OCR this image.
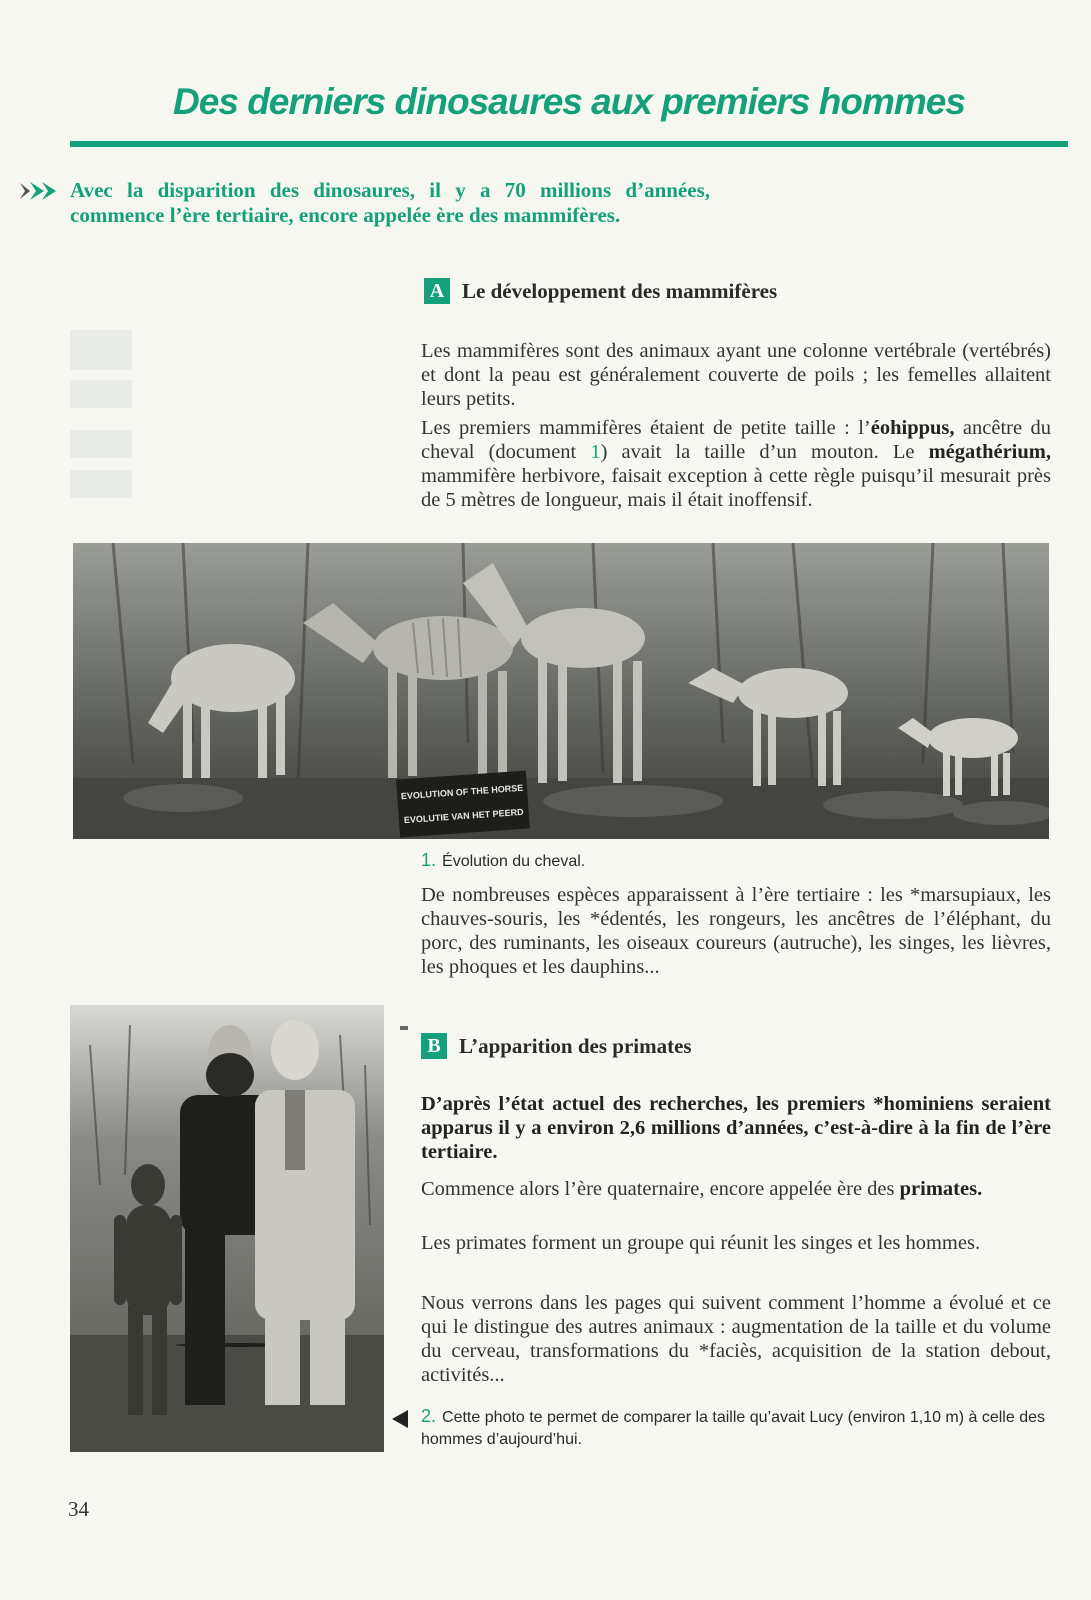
Des derniers dinosaures aux premiers hommes
Avec la disparition des dinosaures, il y a 70 millions d’années, commence l’ère tertiaire, encore appelée ère des mammifères.
A Le développement des mammifères
Les mammifères sont des animaux ayant une colonne vertébrale (vertébrés) et dont la peau est généralement couverte de poils ; les femelles allaitent leurs petits.
Les premiers mammifères étaient de petite taille : l’éohippus, ancêtre du cheval (document 1) avait la taille d’un mouton. Le mégathérium, mammifère herbivore, faisait exception à cette règle puisqu’il mesurait près de 5 mètres de longueur, mais il était inoffensif.
EVOLUTION OF THE HORSE
EVOLUTIE VAN HET PEERD
1. Évolution du cheval.
De nombreuses espèces apparaissent à l’ère tertiaire : les *marsupiaux, les chauves-souris, les *édentés, les rongeurs, les ancêtres de l’éléphant, du porc, des ruminants, les oiseaux coureurs (autruche), les singes, les lièvres, les phoques et les dauphins...
B L’apparition des primates
D’après l’état actuel des recherches, les premiers *hominiens seraient apparus il y a environ 2,6 millions d’années, c’est-à-dire à la fin de l’ère tertiaire.
Commence alors l’ère quaternaire, encore appelée ère des primates.
Les primates forment un groupe qui réunit les singes et les hommes.
Nous verrons dans les pages qui suivent comment l’homme a évolué et ce qui le distingue des autres animaux : augmentation de la taille et du volume du cerveau, transformations du *faciès, acquisition de la station debout, activités...
2. Cette photo te permet de comparer la taille qu’avait Lucy (environ 1,10 m) à celle des hommes d’aujourd’hui.
34
